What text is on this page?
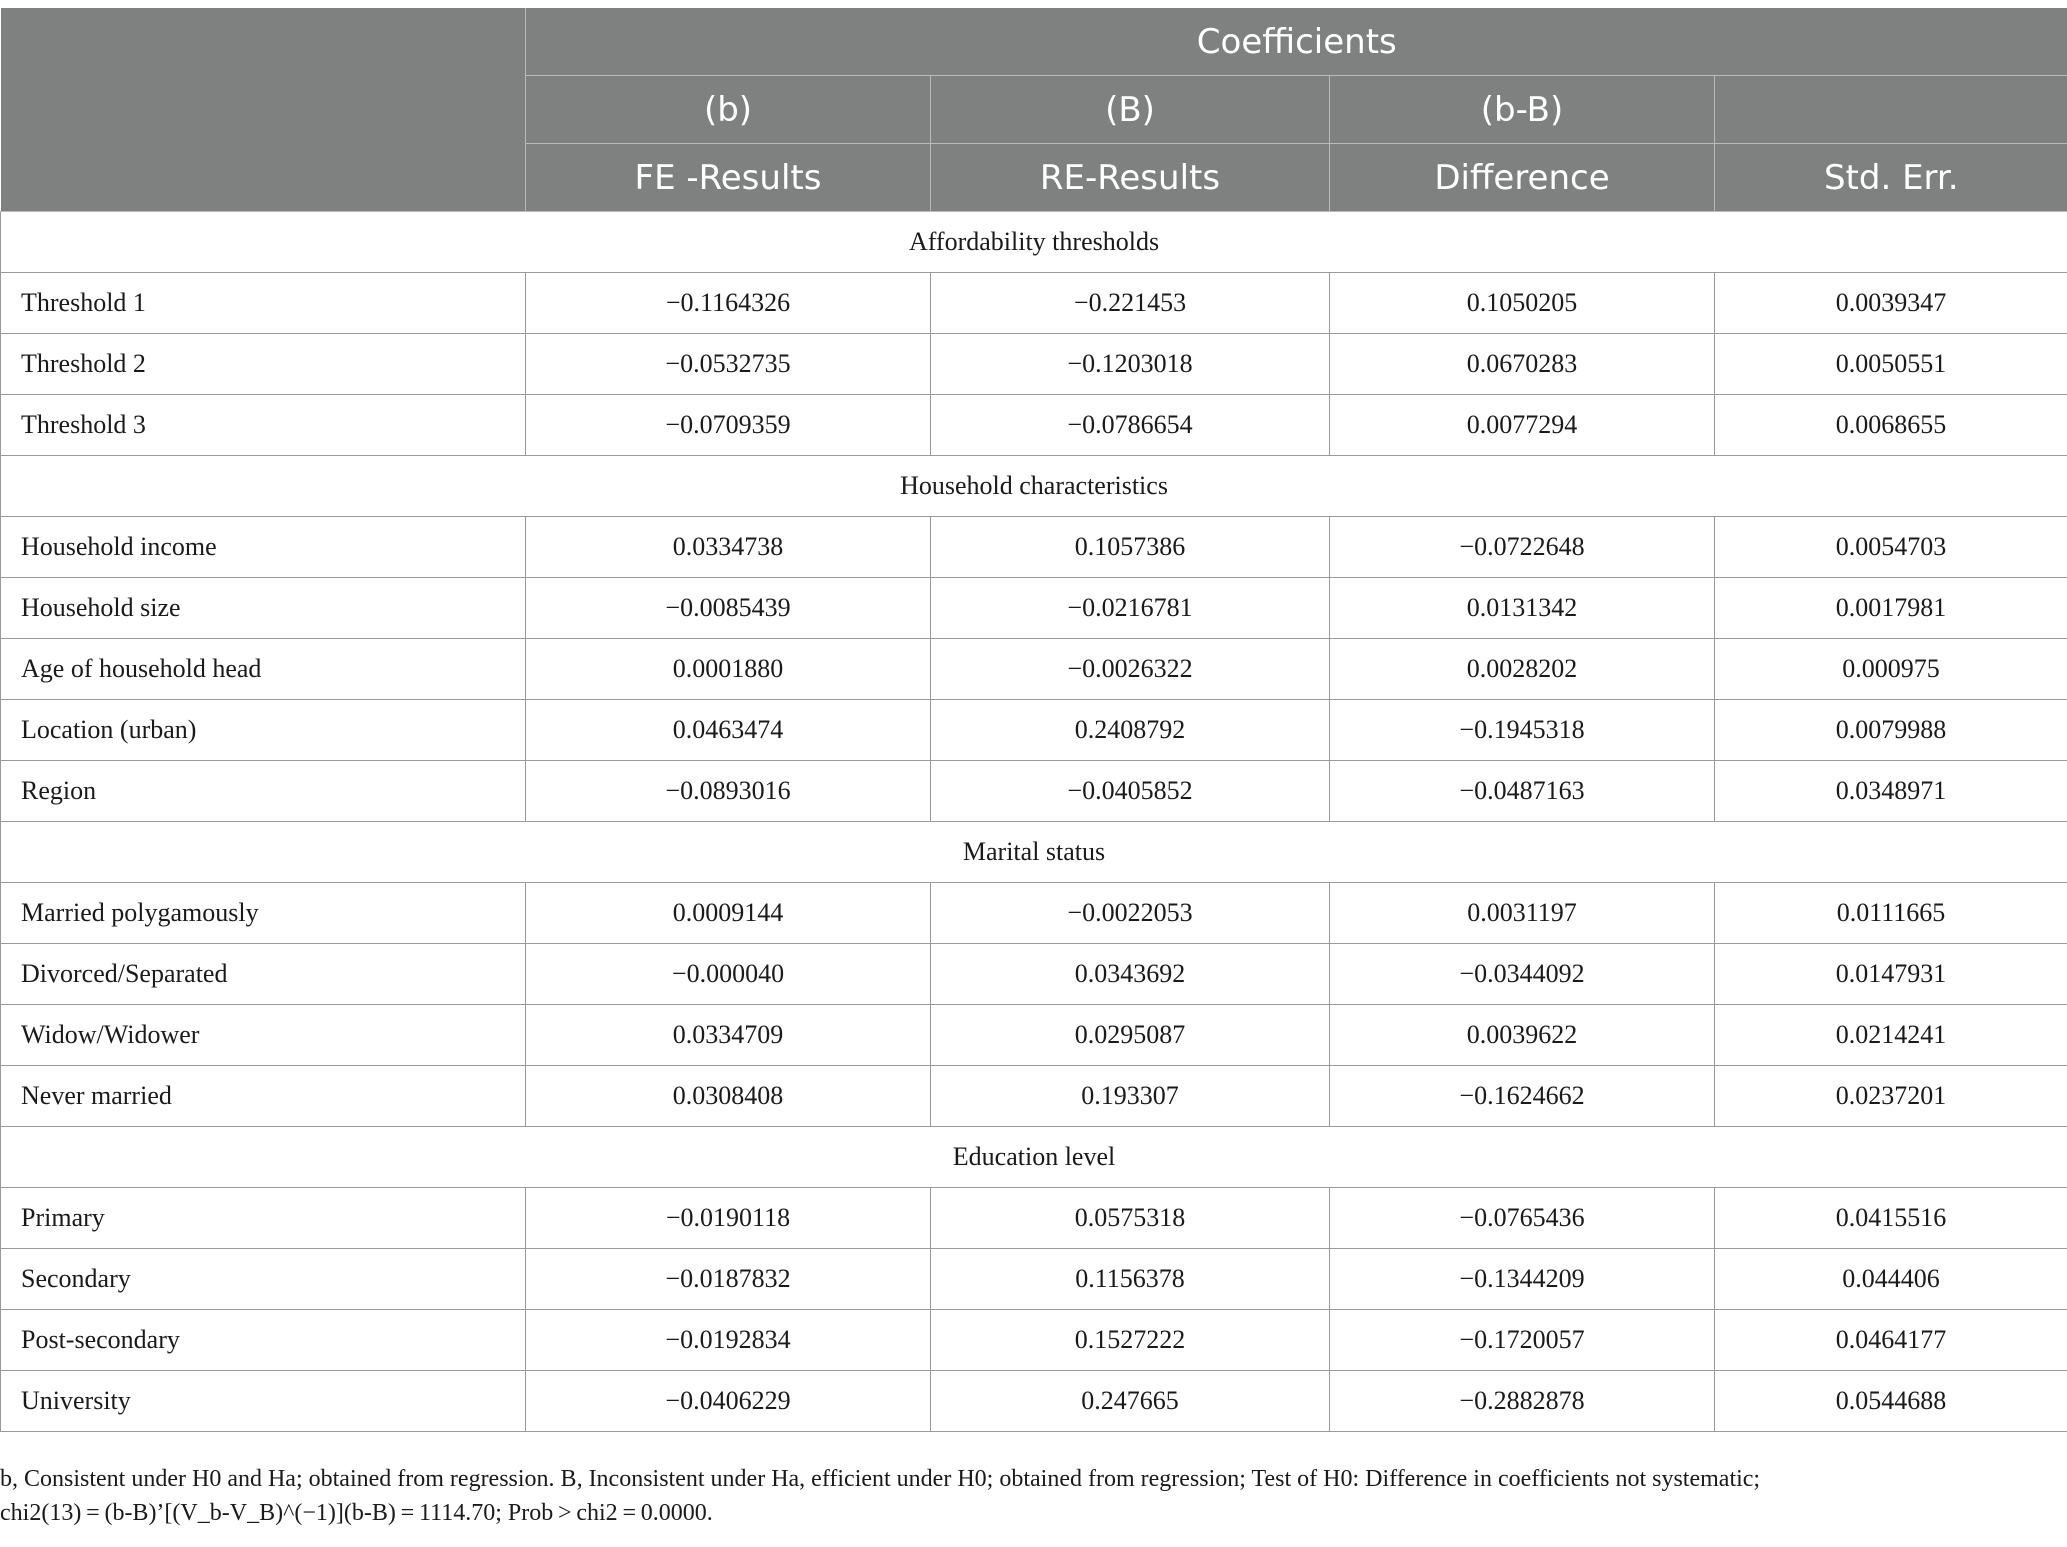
	Coefficients			
	(b)	(B)	(b-B)	
	FE -Results	RE-Results	Difference	Std. Err.
Affordability thresholds				
Threshold 1	−0.1164326	−0.221453	0.1050205	0.0039347
Threshold 2	−0.0532735	−0.1203018	0.0670283	0.0050551
Threshold 3	−0.0709359	−0.0786654	0.0077294	0.0068655
Household characteristics				
Household income	0.0334738	0.1057386	−0.0722648	0.0054703
Household size	−0.0085439	−0.0216781	0.0131342	0.0017981
Age of household head	0.0001880	−0.0026322	0.0028202	0.000975
Location (urban)	0.0463474	0.2408792	−0.1945318	0.0079988
Region	−0.0893016	−0.0405852	−0.0487163	0.0348971
Marital status				
Married polygamously	0.0009144	−0.0022053	0.0031197	0.0111665
Divorced/Separated	−0.000040	0.0343692	−0.0344092	0.0147931
Widow/Widower	0.0334709	0.0295087	0.0039622	0.0214241
Never married	0.0308408	0.193307	−0.1624662	0.0237201
Education level				
Primary	−0.0190118	0.0575318	−0.0765436	0.0415516
Secondary	−0.0187832	0.1156378	−0.1344209	0.044406
Post-secondary	−0.0192834	0.1527222	−0.1720057	0.0464177
University	−0.0406229	0.247665	−0.2882878	0.0544688
b, Consistent under H0 and Ha; obtained from regression. B, Inconsistent under Ha, efficient under H0; obtained from regression; Test of H0: Difference in coefficients not systematic;
chi2(13) = (b-B)’[(V_b-V_B)^(−1)](b-B) = 1114.70; Prob > chi2 = 0.0000.
